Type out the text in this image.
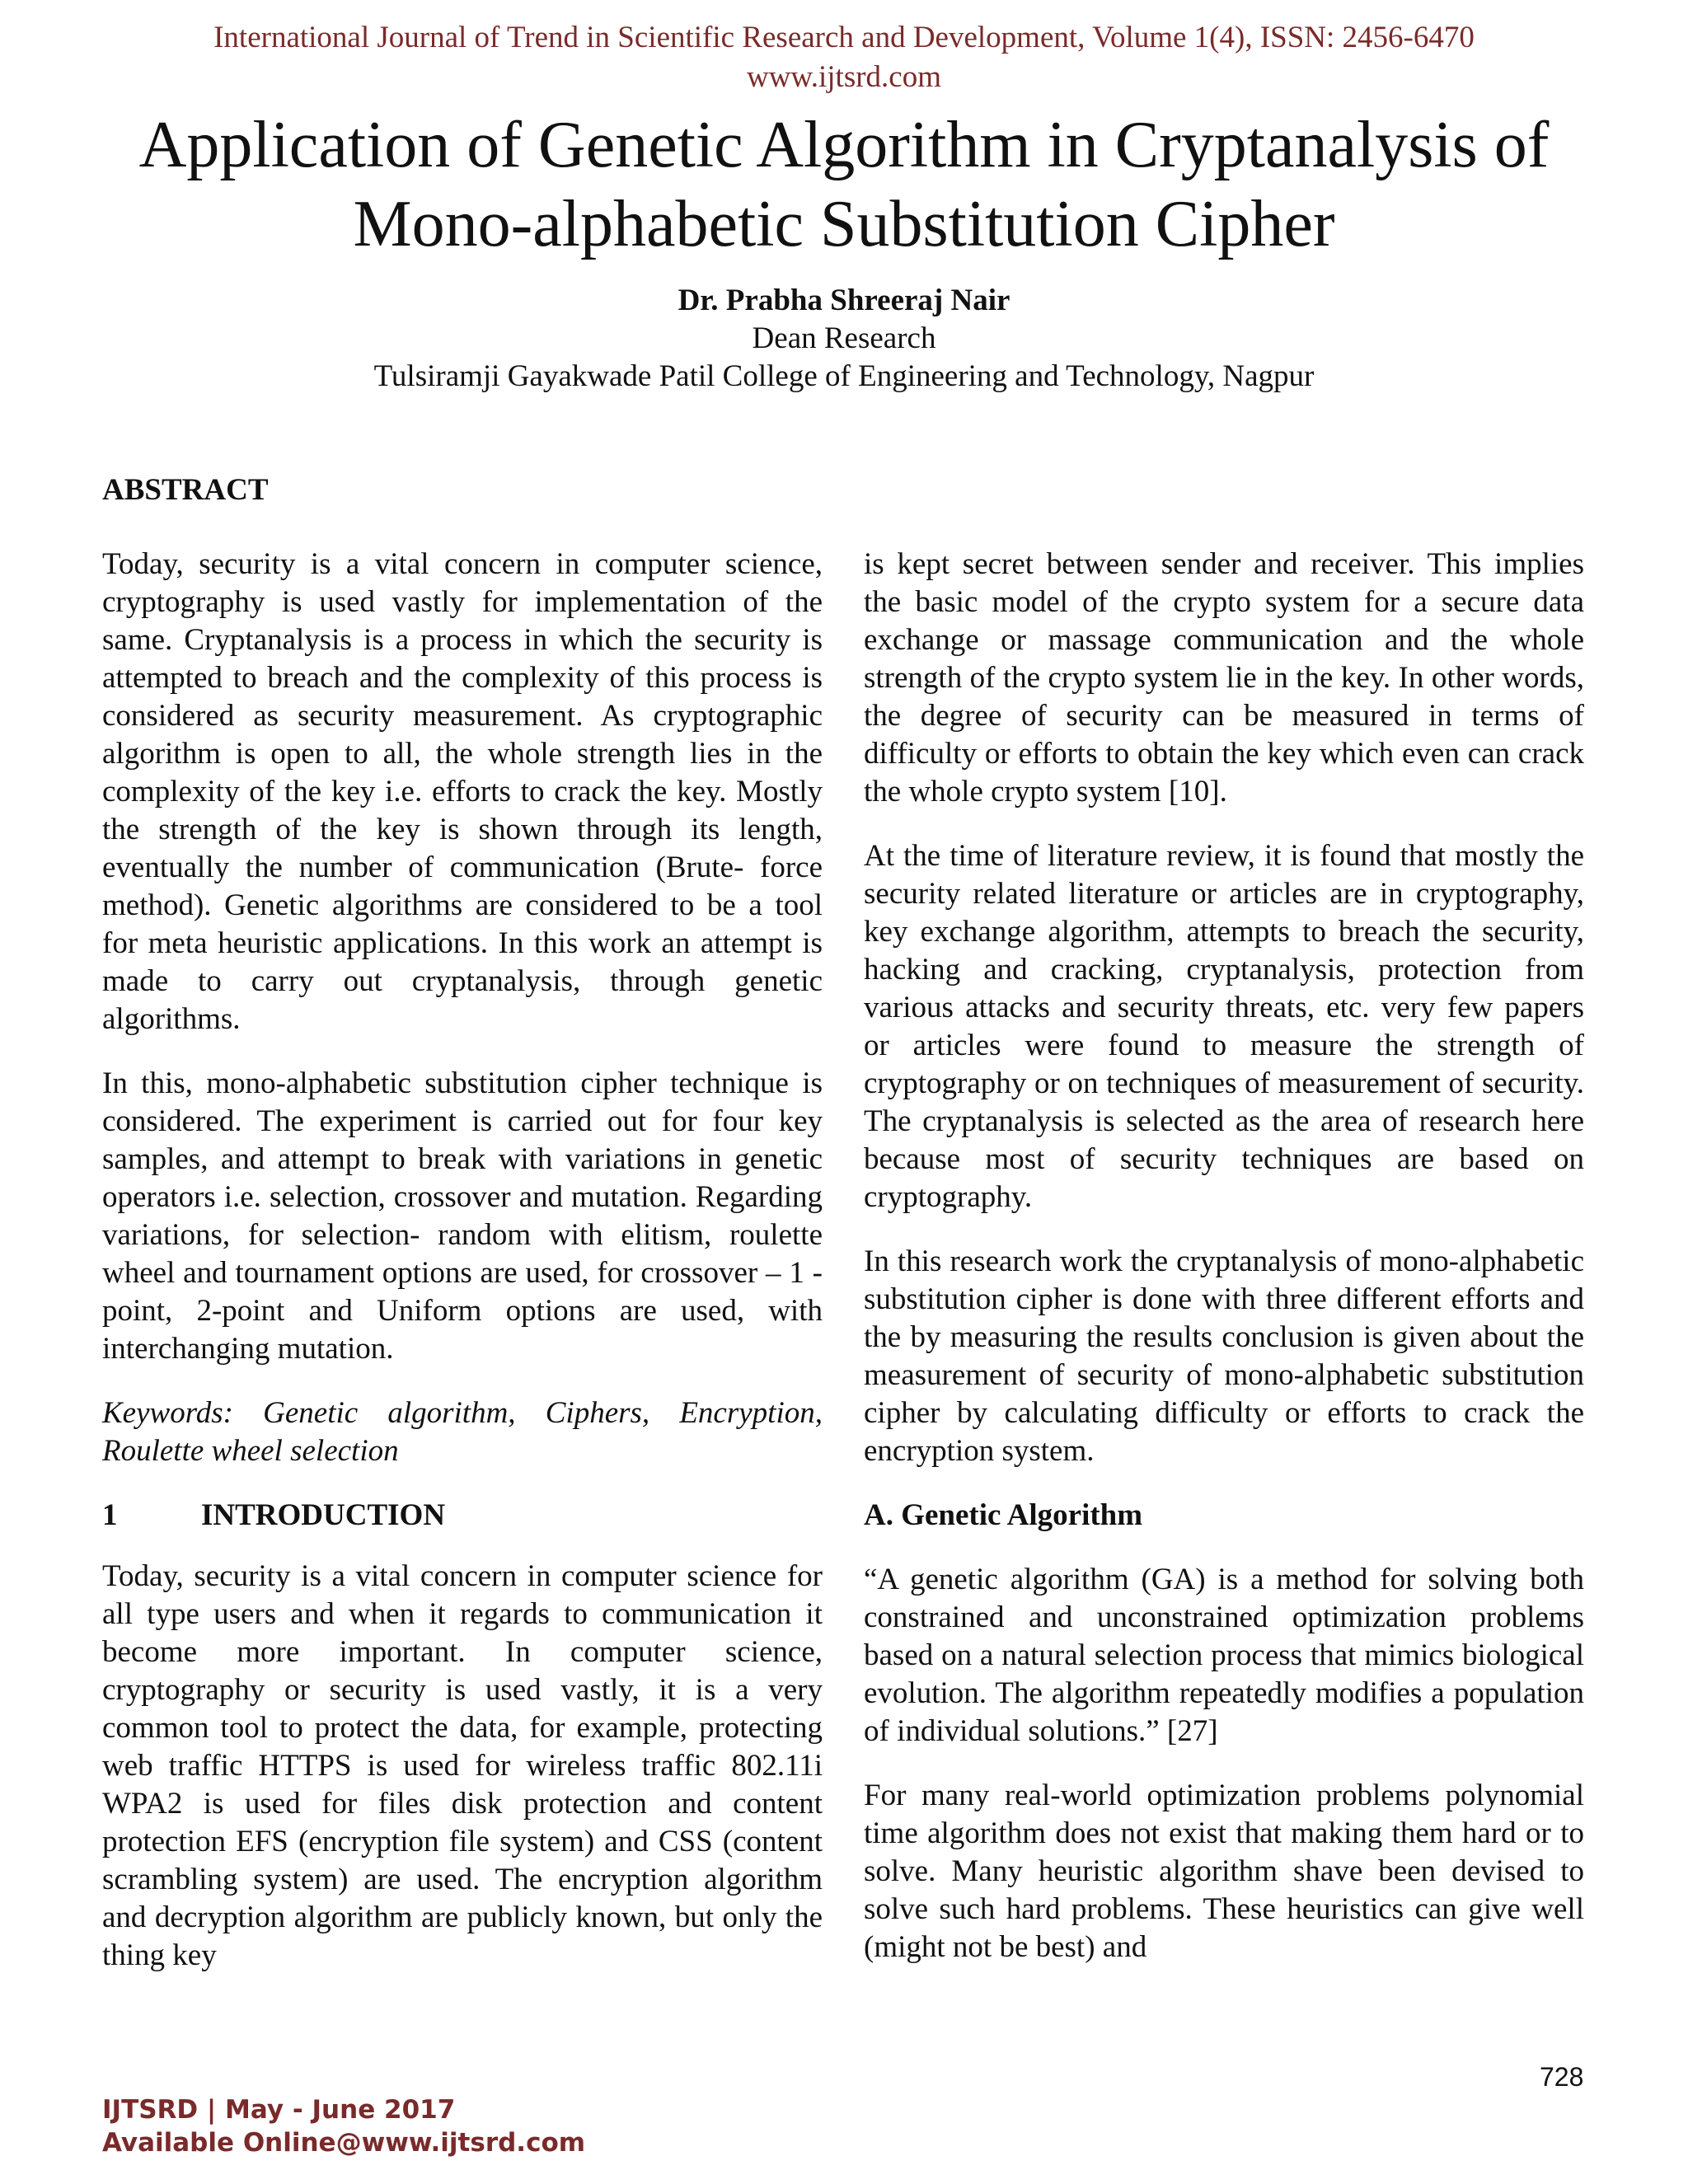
International Journal of Trend in Scientific Research and Development, Volume 1(4), ISSN: 2456-6470
www.ijtsrd.com
Application of Genetic Algorithm in Cryptanalysis of
Mono-alphabetic Substitution Cipher
Dr. Prabha Shreeraj Nair
Dean Research
Tulsiramji Gayakwade Patil College of Engineering and Technology, Nagpur
ABSTRACT

Today, security is a vital concern in computer science, cryptography is used vastly for implementation of the same. Cryptanalysis is a process in which the security is attempted to breach and the complexity of this process is considered as security measurement. As cryptographic algorithm is open to all, the whole strength lies in the complexity of the key i.e. efforts to crack the key. Mostly the strength of the key is shown through its length, eventually the number of communication (Brute- force method). Genetic algorithms are considered to be a tool for meta heuristic applications. In this work an attempt is made to carry out cryptanalysis, through genetic algorithms.

In this, mono-alphabetic substitution cipher technique is considered. The experiment is carried out for four key samples, and attempt to break with variations in genetic operators i.e. selection, crossover and mutation. Regarding variations, for selection- random with elitism, roulette wheel and tournament options are used, for crossover – 1 -point, 2-point and Uniform options are used, with interchanging mutation.

Keywords: Genetic algorithm, Ciphers, Encryption, Roulette wheel selection

1	INTRODUCTION

Today, security is a vital concern in computer science for all type users and when it regards to communication it become more important. In computer science, cryptography or security is used vastly, it is a very common tool to protect the data, for example, protecting web traffic HTTPS is used for wireless traffic 802.11i WPA2 is used for files disk protection and content protection EFS (encryption file system) and CSS (content scrambling system) are used. The encryption algorithm and decryption algorithm are publicly known, but only the thing key

is kept secret between sender and receiver. This implies the basic model of the crypto system for a secure data exchange or massage communication and the whole strength of the crypto system lie in the key. In other words, the degree of security can be measured in terms of difficulty or efforts to obtain the key which even can crack the whole crypto system [10].

At the time of literature review, it is found that mostly the security related literature or articles are in cryptography, key exchange algorithm, attempts to breach the security, hacking and cracking, cryptanalysis, protection from various attacks and security threats, etc. very few papers or articles were found to measure the strength of cryptography or on techniques of measurement of security. The cryptanalysis is selected as the area of research here because most of security techniques are based on cryptography.

In this research work the cryptanalysis of mono-alphabetic substitution cipher is done with three different efforts and the by measuring the results conclusion is given about the measurement of security of mono-alphabetic substitution cipher by calculating difficulty or efforts to crack the encryption system.

A. Genetic Algorithm

“A genetic algorithm (GA) is a method for solving both constrained and unconstrained optimization problems based on a natural selection process that mimics biological evolution. The algorithm repeatedly modifies a population of individual solutions.” [27]

For many real-world optimization problems polynomial time algorithm does not exist that making them hard or to solve. Many heuristic algorithm shave been devised to solve such hard problems. These heuristics can give well (might not be best) and

728
IJTSRD | May - June 2017
Available Online@www.ijtsrd.com
